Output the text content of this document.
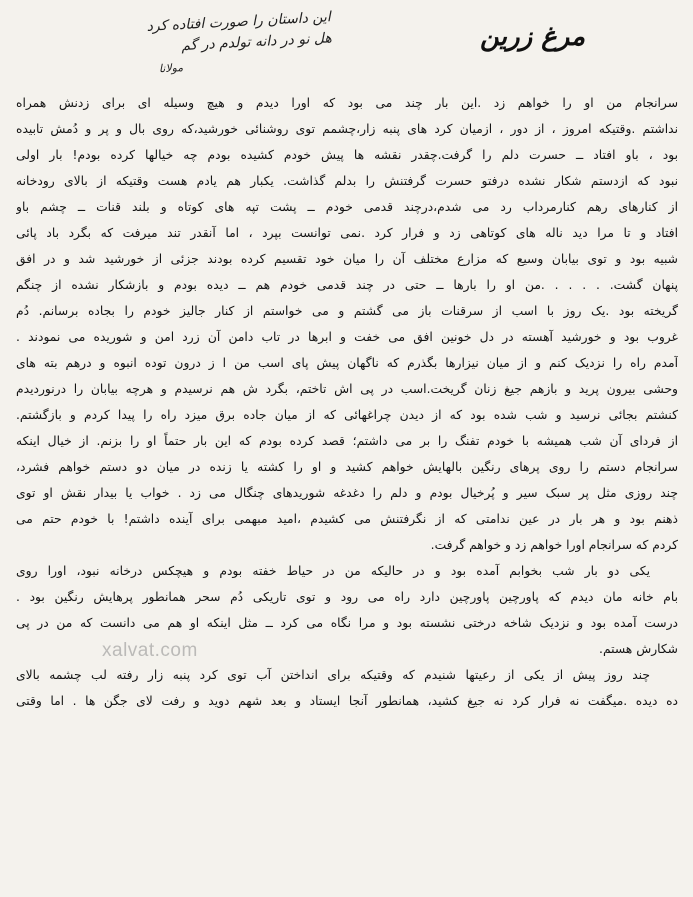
این داستان را صورت افتاده کرد
هل نو در دانه تولدم در گم
مولانا
مرغ زرین
سرانجام من او را خواهم زد .این بار چند می بود که اورا دیدم و هیچ وسیله ای برای زدنش همراه
نداشتم .وقتیکه امروز ، از دور ، ازمیان کرد های پنبه زار،چشمم توی روشنائی خورشید،که روی بال و پر و دُمش تابیده
بود ، باو افتاد ــ حسرت دلم را گرفت.چقدر نقشه ها پیش خودم کشیده بودم چه خیالها کرده بودم! بار اولی
نبود که ازدستم شکار نشده درفتو حسرت گرفتنش را بدلم گذاشت. یکبار هم یادم هست وقتیکه از بالای رودخانه
از کنارهای رهم کنارمرداب رد می شدم،درچند قدمی خودم ــ پشت تپه های کوتاه و بلند قنات ــ چشم باو
افتاد و تا مرا دید ناله های کوتاهی زد و فرار کرد .نمی توانست بپرد ، اما آنقدر تند میرفت که بگرد باد پائی
شبیه بود و توی بیابان وسیع که مزارع مختلف آن را میان خود تقسیم کرده بودند جزئی از خورشید شد و در افق
پنهان گشت. . . . . .من او را بارها ــ حتی در چند قدمی خودم هم ــ دیده بودم و بازشکار نشده از چنگم
گریخته بود .یک روز با اسب از سرقنات باز می گشتم و می خواستم از کنار جالیز خودم را بجاده برسانم. دُم
غروب بود و خورشید آهسته در دل خونین افق می خفت و ابرها در تاب دامن آن زرد امن و شوریده می نمودند .
آمدم راه را نزدیک کنم و از میان نیزارها بگذرم که ناگهان پیش پای اسب من ا ز درون توده انبوه و درهم بته های
وحشی بیرون پرید و بازهم جیغ زنان گریخت.اسب در پی اش تاختم، بگرد ش هم نرسیدم و هرچه بیابان را درنوردیدم
کنشتم بجائی نرسید و شب شده بود که از دیدن چراغهائی که از میان جاده برق میزد راه را پیدا کردم و بازگشتم.
از فردای آن شب همیشه با خودم تفنگ را بر می داشتم؛ قصد کرده بودم که این بار حتماً او را بزنم. از خیال اینکه
سرانجام دستم را روی پرهای رنگین بالهایش خواهم کشید و او را کشته یا زنده در میان دو دستم خواهم فشرد،
چند روزی مثل پر سبک سیر و پُرخیال بودم و دلم را دغدغه شوریدهای چنگال می زد . خواب یا بیدار نقش او توی
ذهنم بود و هر بار در عین ندامتی که از نگرفتنش می کشیدم ،امید مبهمی برای آینده داشتم! با خودم حتم می
کردم که سرانجام اورا خواهم زد و خواهم گرفت.
یکی دو بار شب بخوابم آمده بود و در حالیکه من در حیاط خفته بودم و هیچکس درخانه نبود، اورا روی
بام خانه مان دیدم که پاورچین پاورچین دارد راه می رود و توی تاریکی دُم سحر همانطور پرهایش رنگین بود .
درست آمده بود و نزدیک شاخه درختی نشسته بود و مرا نگاه می کرد ــ مثل اینکه او هم می دانست که من در پی
شکارش هستم.
چند روز پیش از یکی از رعیتها شنیدم که وقتیکه برای انداختن آب توی کرد پنبه زار رفته لب چشمه بالای
ده دیده .میگفت نه فرار کرد نه جیغ کشید، همانطور آنجا ایستاد و بعد شهم دوید و رفت لای جگن ها . اما وقتی
xalvat.com
